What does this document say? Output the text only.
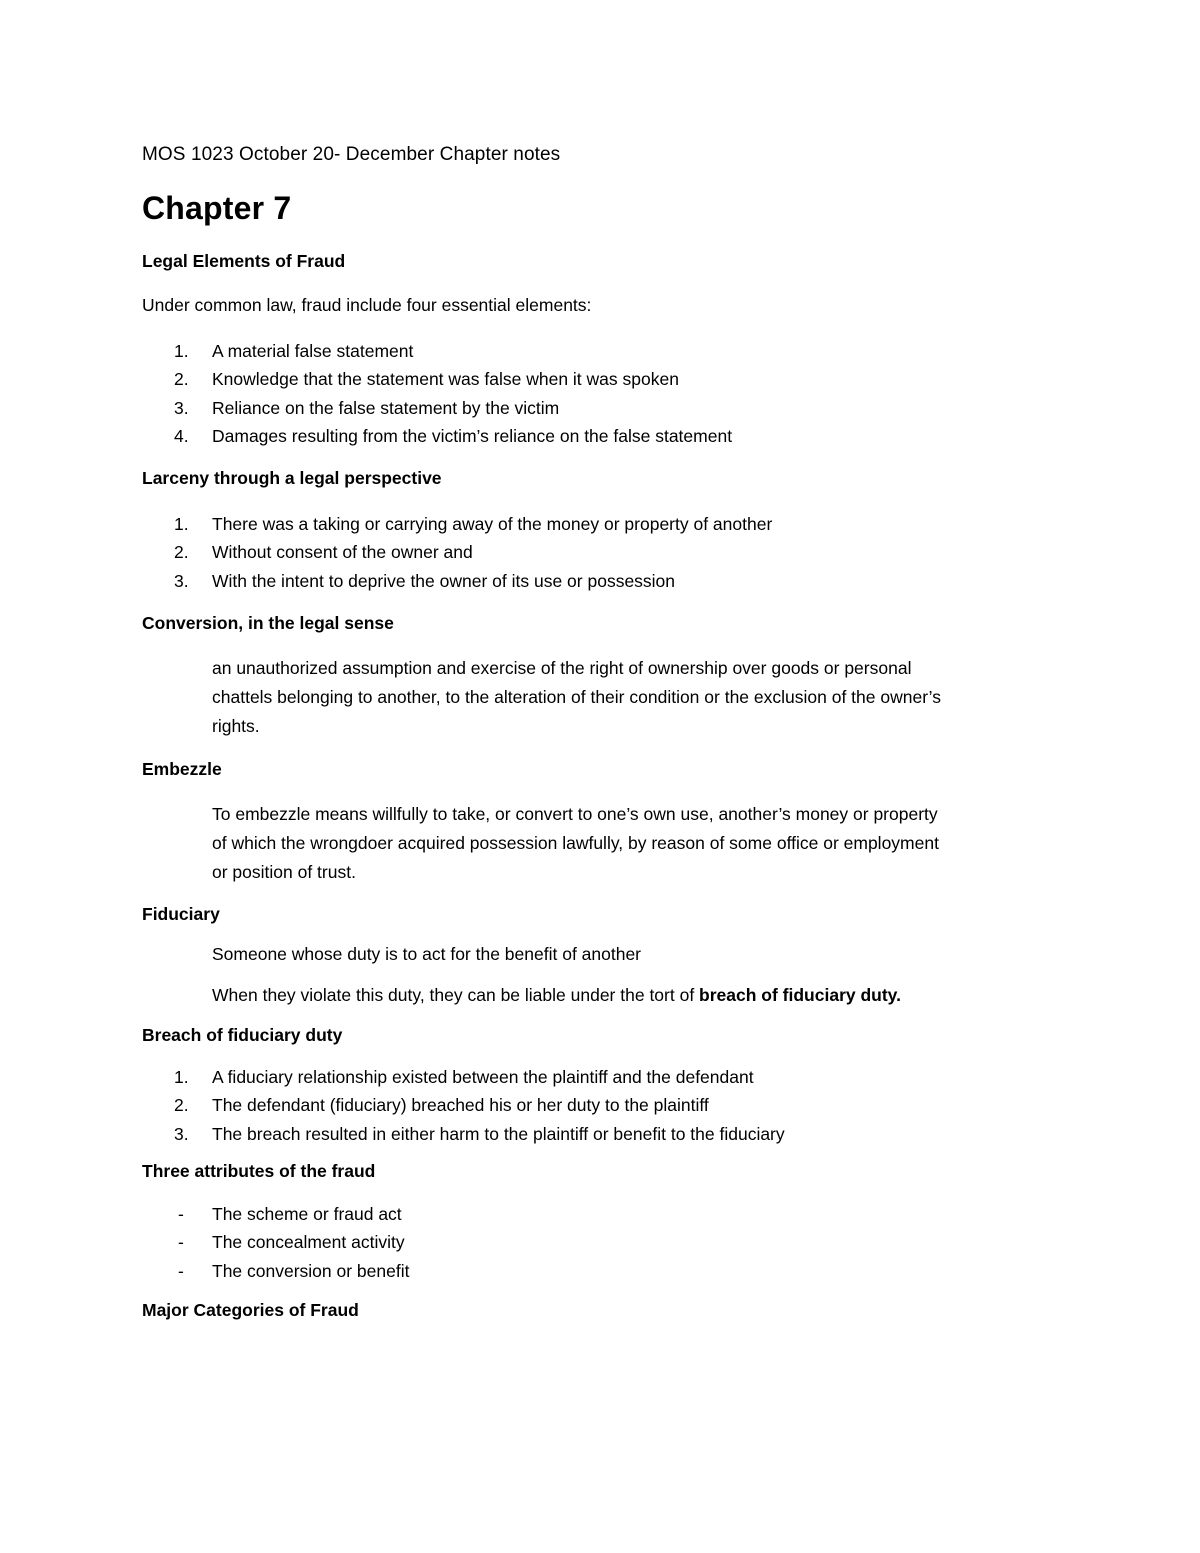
MOS 1023 October 20- December Chapter notes
Chapter 7
Legal Elements of Fraud
Under common law, fraud include four essential elements:
1.	A material false statement
2.	Knowledge that the statement was false when it was spoken
3.	Reliance on the false statement by the victim
4.	Damages resulting from the victim’s reliance on the false statement
Larceny through a legal perspective
1.	There was a taking or carrying away of the money or property of another
2.	Without consent of the owner and
3.	With the intent to deprive the owner of its use or possession
Conversion, in the legal sense
an unauthorized assumption and exercise of the right of ownership over goods or personal
chattels belonging to another, to the alteration of their condition or the exclusion of the owner’s
rights.
Embezzle
To embezzle means willfully to take, or convert to one’s own use, another’s money or property
of which the wrongdoer acquired possession lawfully, by reason of some office or employment
or position of trust.
Fiduciary
Someone whose duty is to act for the benefit of another
When they violate this duty, they can be liable under the tort of breach of fiduciary duty.
Breach of fiduciary duty
1.	A fiduciary relationship existed between the plaintiff and the defendant
2.	The defendant (fiduciary) breached his or her duty to the plaintiff
3.	The breach resulted in either harm to the plaintiff or benefit to the fiduciary
Three attributes of the fraud
-	The scheme or fraud act
-	The concealment activity
-	The conversion or benefit
Major Categories of Fraud
